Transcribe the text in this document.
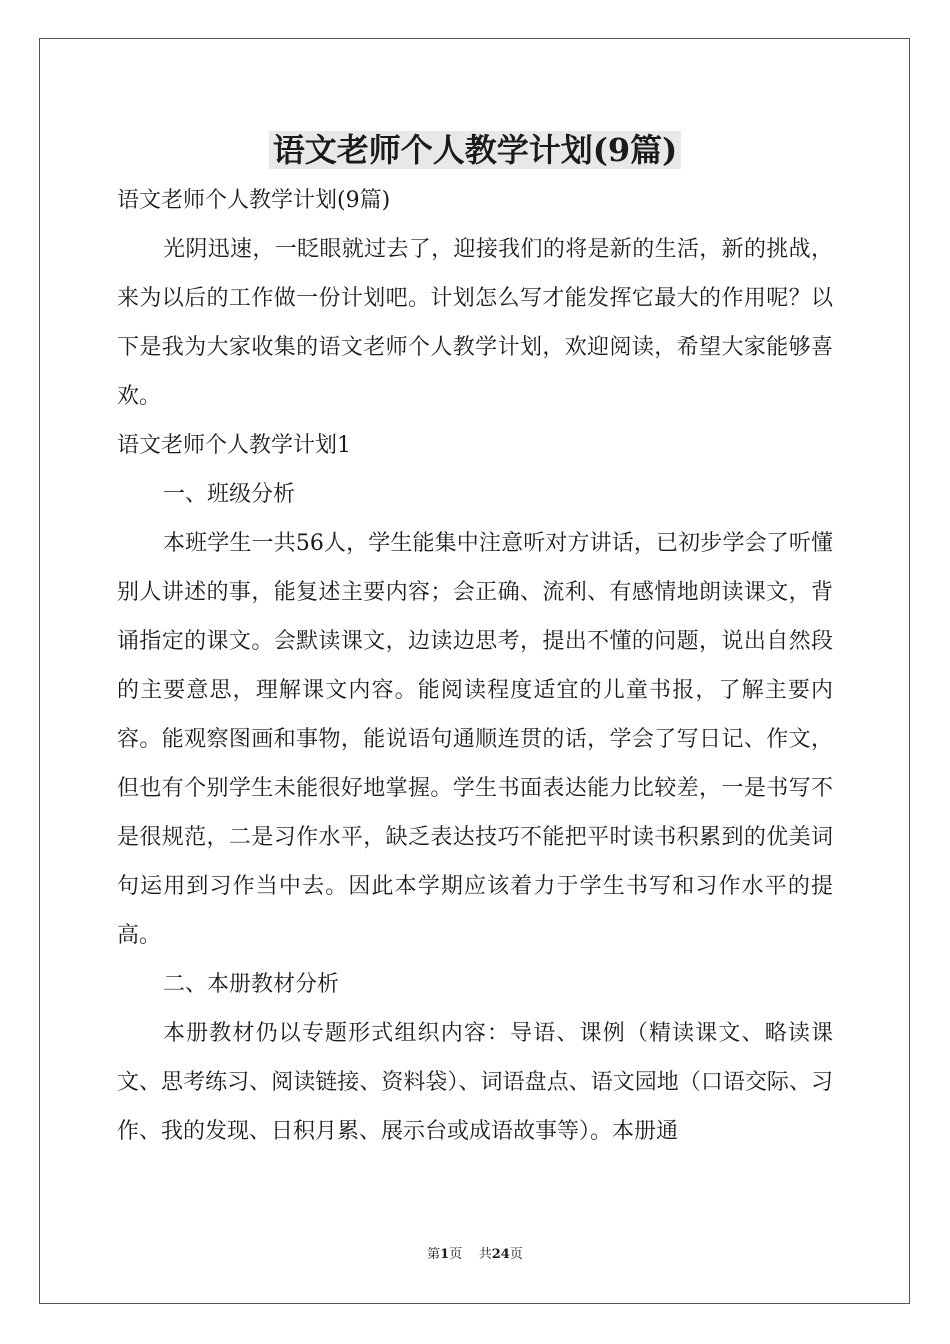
语文老师个人教学计划(9篇)

语文老师个人教学计划(9篇)

光阴迅速，一眨眼就过去了，迎接我们的将是新的生活，新的挑战，来为以后的工作做一份计划吧。计划怎么写才能发挥它最大的作用呢？以下是我为大家收集的语文老师个人教学计划，欢迎阅读，希望大家能够喜欢。

语文老师个人教学计划1

一、班级分析

本班学生一共56人，学生能集中注意听对方讲话，已初步学会了听懂别人讲述的事，能复述主要内容；会正确、流利、有感情地朗读课文，背诵指定的课文。会默读课文，边读边思考，提出不懂的问题，说出自然段的主要意思，理解课文内容。能阅读程度适宜的儿童书报，了解主要内容。能观察图画和事物，能说语句通顺连贯的话，学会了写日记、作文，但也有个别学生未能很好地掌握。学生书面表达能力比较差，一是书写不是很规范，二是习作水平，缺乏表达技巧不能把平时读书积累到的优美词句运用到习作当中去。因此本学期应该着力于学生书写和习作水平的提高。

二、本册教材分析

本册教材仍以专题形式组织内容：导语、课例（精读课文、略读课文、思考练习、阅读链接、资料袋）、词语盘点、语文园地（口语交际、习作、我的发现、日积月累、展示台或成语故事等）。本册通

第1页 共24页
